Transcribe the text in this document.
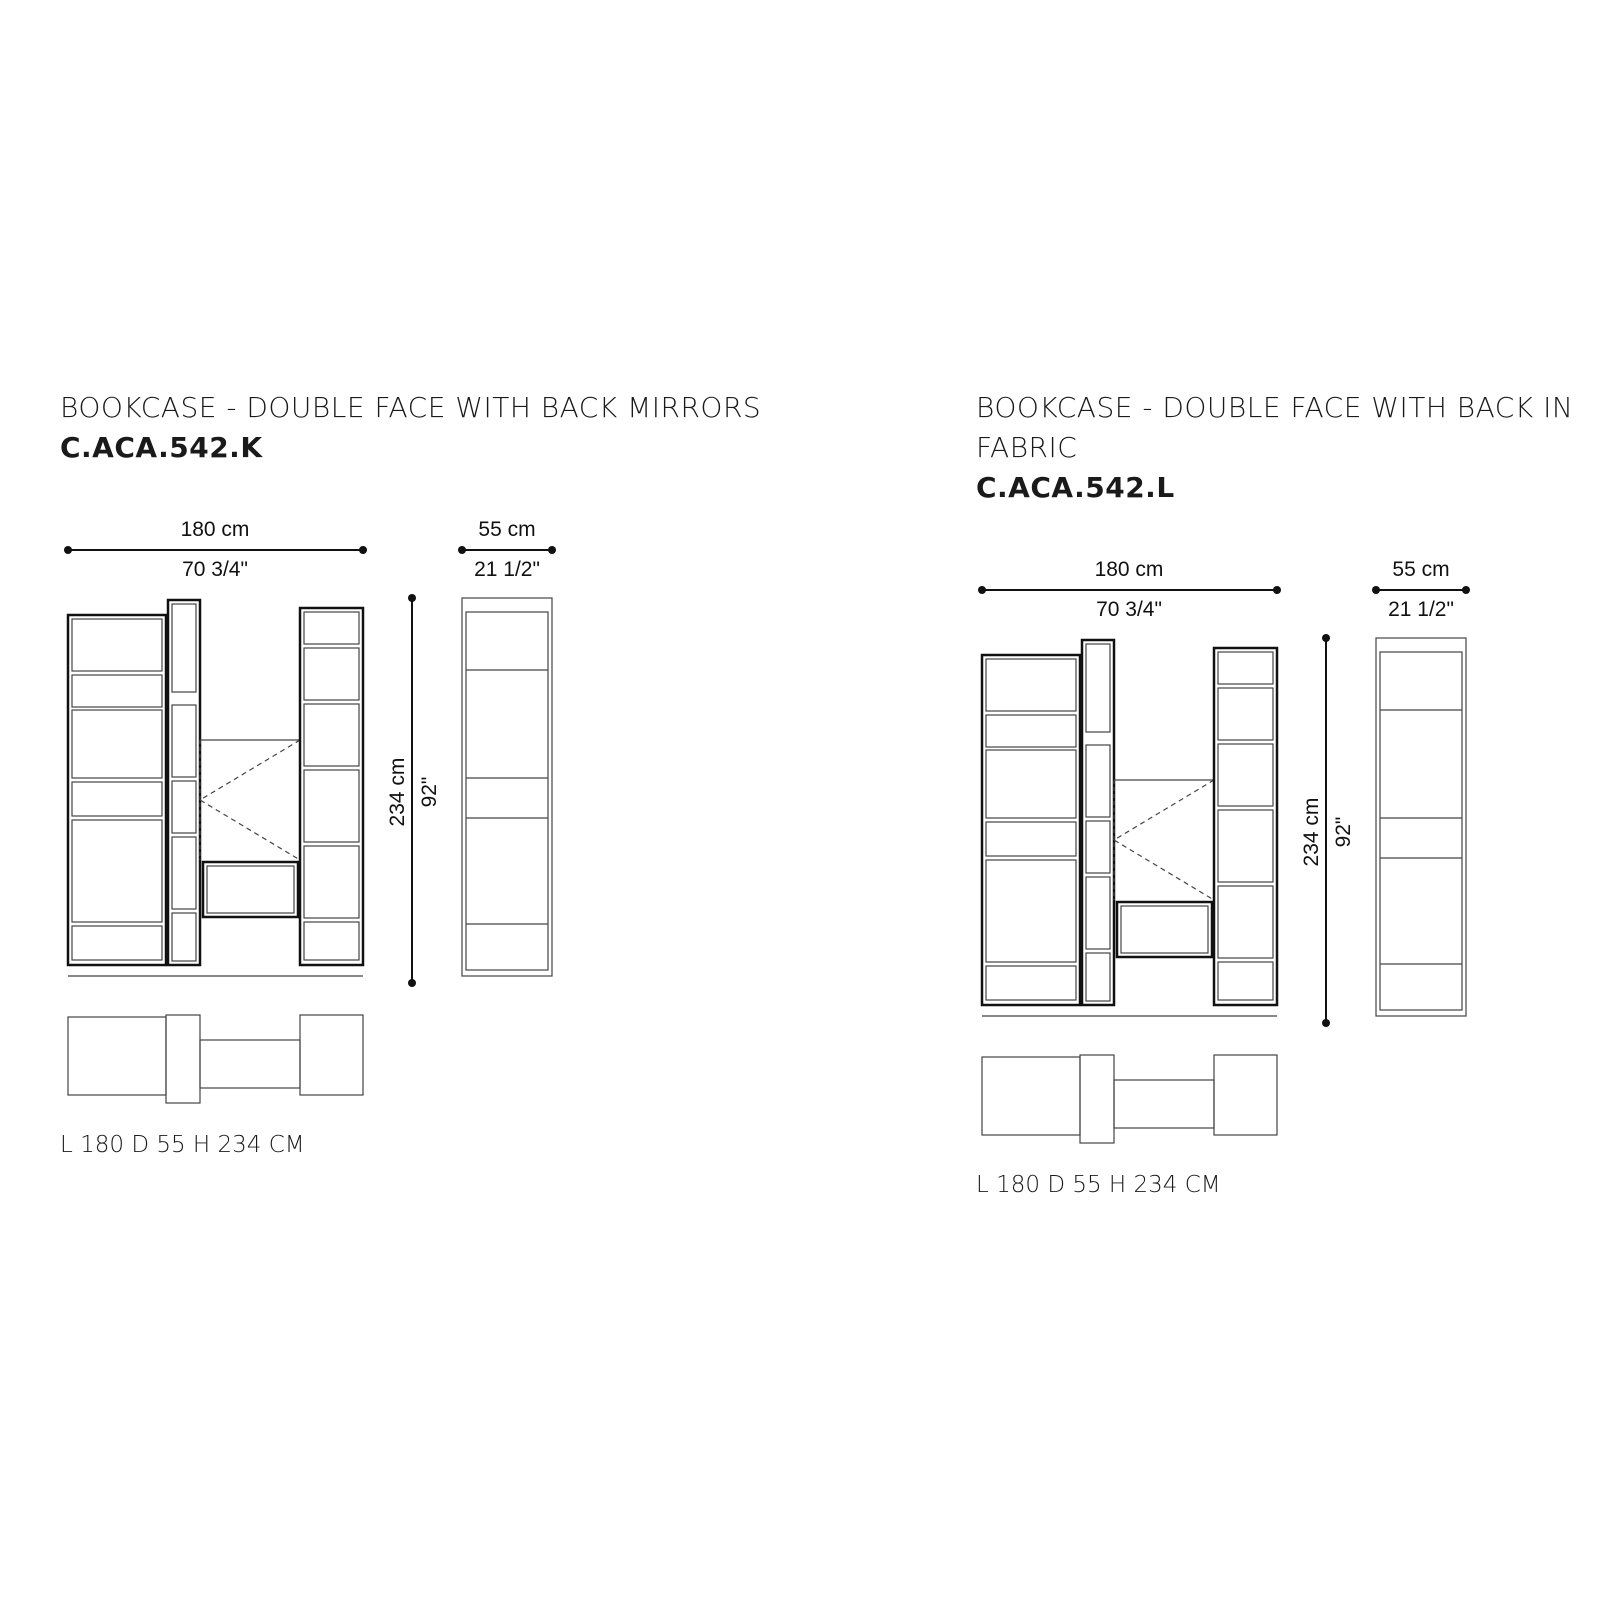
BOOKCASE - DOUBLE FACE WITH BACK MIRRORS
C.ACA.542.K
180 cm
70 3/4"
55 cm
21 1/2"
234 cm 92"
L 180 D 55 H 234 CM
BOOKCASE - DOUBLE FACE WITH BACK IN FABRIC
C.ACA.542.L
180 cm
70 3/4"
55 cm
21 1/2"
234 cm 92"
L 180 D 55 H 234 CM
